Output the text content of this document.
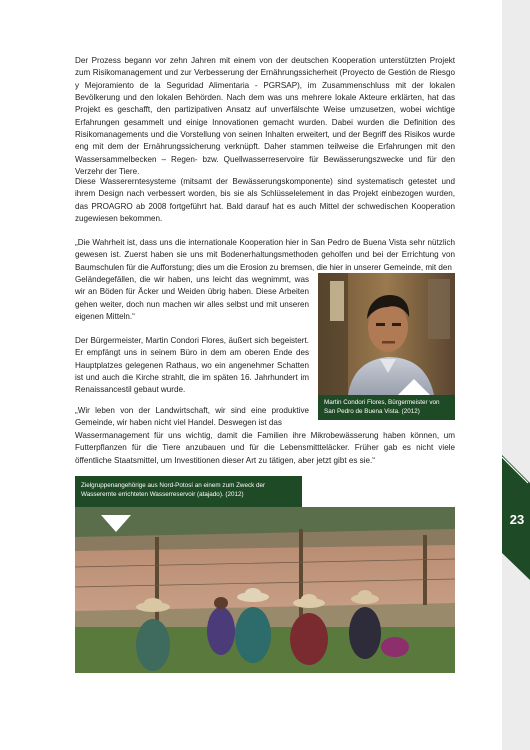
Der Prozess begann vor zehn Jahren mit einem von der deutschen Kooperation unterstützten Projekt zum Risikomanagement und zur Verbesserung der Ernährungssicherheit (Proyecto de Gestión de Riesgo y Mejoramiento de la Seguridad Alimentaria - PGRSAP), im Zusammenschluss mit der lokalen Bevölkerung und den lokalen Behörden. Nach dem was uns mehrere lokale Akteure erklärten, hat das Projekt es geschafft, den partizipativen Ansatz auf unverfälschte Weise umzusetzen, wobei wichtige Erfahrungen gesammelt und einige Innovationen gemacht wurden. Dabei wurden die Definition des Risikomanagements und die Vorstellung von seinen Inhalten erweitert, und der Begriff des Risikos wurde eng mit dem der Ernährungssicherung verknüpft. Daher stammen teilweise die Erfahrungen mit den Wassersammelbecken – Regen- bzw. Quellwasserreservoire für Bewässerungszwecke und für den Verzehr der Tiere.

Diese Wassererntesysteme (mitsamt der Bewässerungskomponente) sind systematisch getestet und ihrem Design nach verbessert worden, bis sie als Schlüsselelement in das Projekt einbezogen wurden, das PROAGRO ab 2008 fortgeführt hat. Bald darauf hat es auch Mittel der schwedischen Kooperation zugewiesen bekommen.

„Die Wahrheit ist, dass uns die internationale Kooperation hier in San Pedro de Buena Vista sehr nützlich gewesen ist. Zuerst haben sie uns mit Bodenerhaltungsmethoden geholfen und bei der Errichtung von Baumschulen für die Aufforstung; dies um die Erosion zu bremsen, die hier in unserer Gemeinde, mit den

Geländegefällen, die wir haben, uns leicht das wegnimmt, was wir an Böden für Äcker und Weiden übrig haben. Diese Arbeiten gehen weiter, doch nun machen wir alles selbst und mit unseren eigenen Mitteln.“

Der Bürgermeister, Martin Condori Flores, äußert sich begeistert. Er empfängt uns in seinem Büro in dem am oberen Ende des Hauptplatzes gelegenen Rathaus, wo ein angenehmer Schatten ist und auch die Kirche strahlt, die im späten 16. Jahrhundert im Renaissancestil gebaut wurde.

„Wir leben von der Landwirtschaft, wir sind eine produktive Gemeinde, wir haben nicht viel Handel. Deswegen ist das

Wassermanagement für uns wichtig, damit die Familien ihre Mikrobewässerung haben können, um Futterpflanzen für die Tiere anzubauen und für die Lebensmittteläcker. Früher gab es nicht viele öffentliche Staatsmittel, um Investitionen dieser Art zu tätigen, aber jetzt gibt es sie.“

Martin Condori Flores, Bürgermeister von San Pedro de Buena Vista. (2012)
Zielgruppenangehörige aus Nord-Potosí an einem zum Zweck der Wasserernte errichteten Wasserreservoir (atajado). (2012)
23
